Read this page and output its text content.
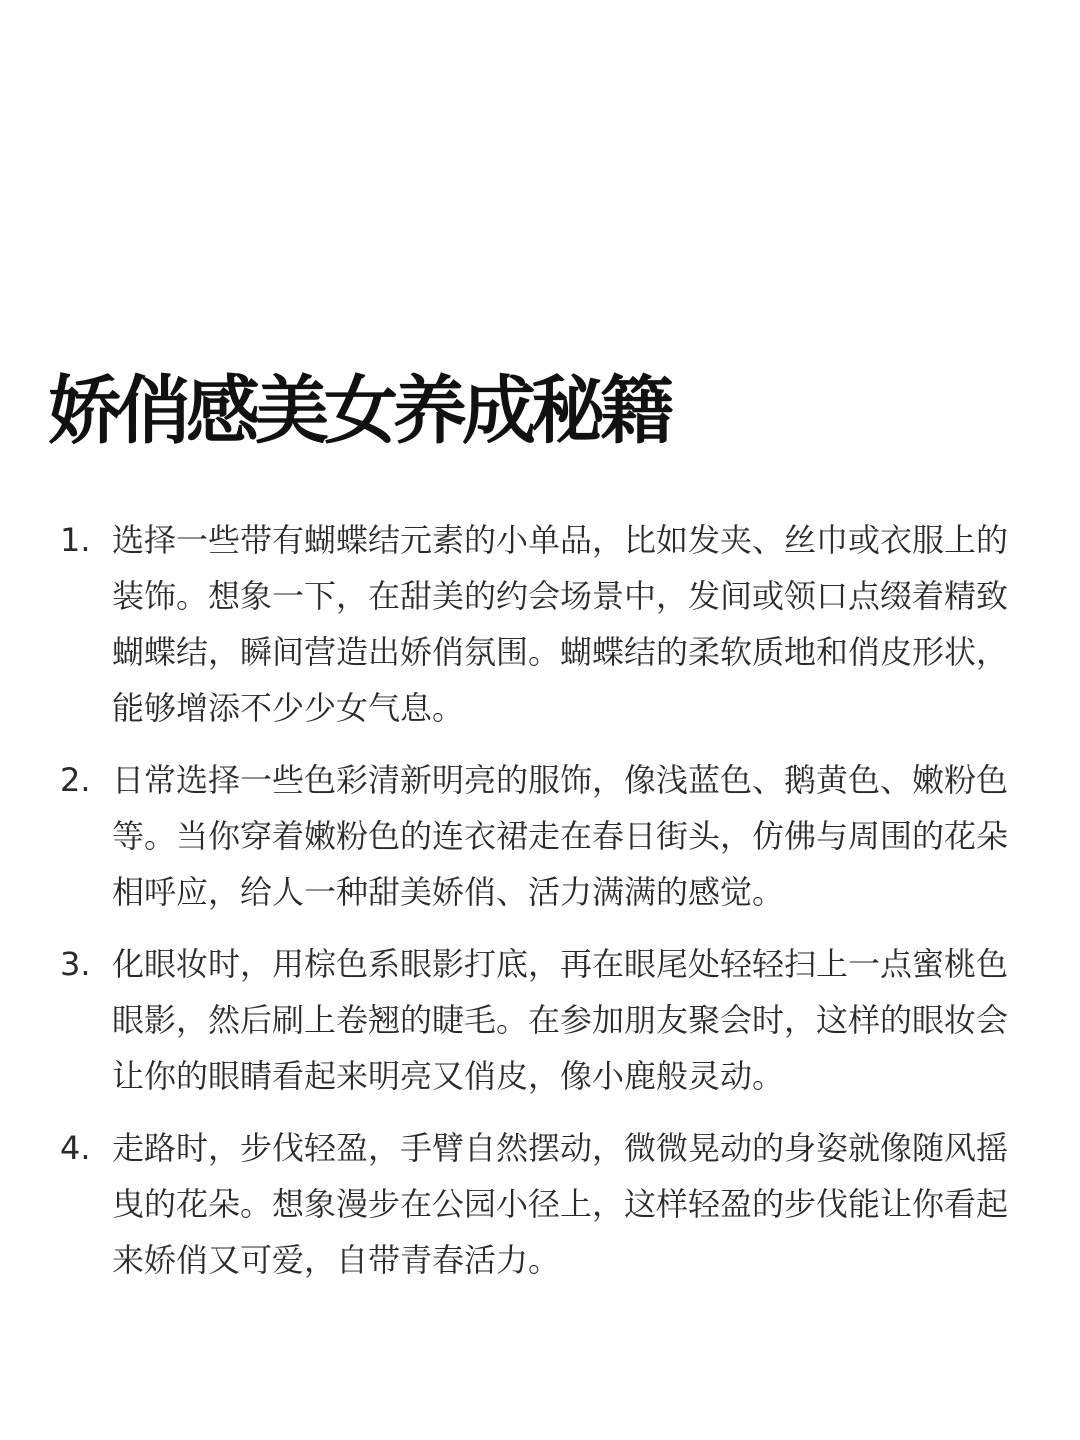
娇俏感美女养成秘籍
1. 选择一些带有蝴蝶结元素的小单品，比如发夹、丝巾或衣服上的装饰。想象一下，在甜美的约会场景中，发间或领口点缀着精致蝴蝶结，瞬间营造出娇俏氛围。蝴蝶结的柔软质地和俏皮形状，能够增添不少少女气息。
2. 日常选择一些色彩清新明亮的服饰，像浅蓝色、鹅黄色、嫩粉色等。当你穿着嫩粉色的连衣裙走在春日街头，仿佛与周围的花朵相呼应，给人一种甜美娇俏、活力满满的感觉。
3. 化眼妆时，用棕色系眼影打底，再在眼尾处轻轻扫上一点蜜桃色眼影，然后刷上卷翘的睫毛。在参加朋友聚会时，这样的眼妆会让你的眼睛看起来明亮又俏皮，像小鹿般灵动。
4. 走路时，步伐轻盈，手臂自然摆动，微微晃动的身姿就像随风摇曳的花朵。想象漫步在公园小径上，这样轻盈的步伐能让你看起来娇俏又可爱，自带青春活力。
